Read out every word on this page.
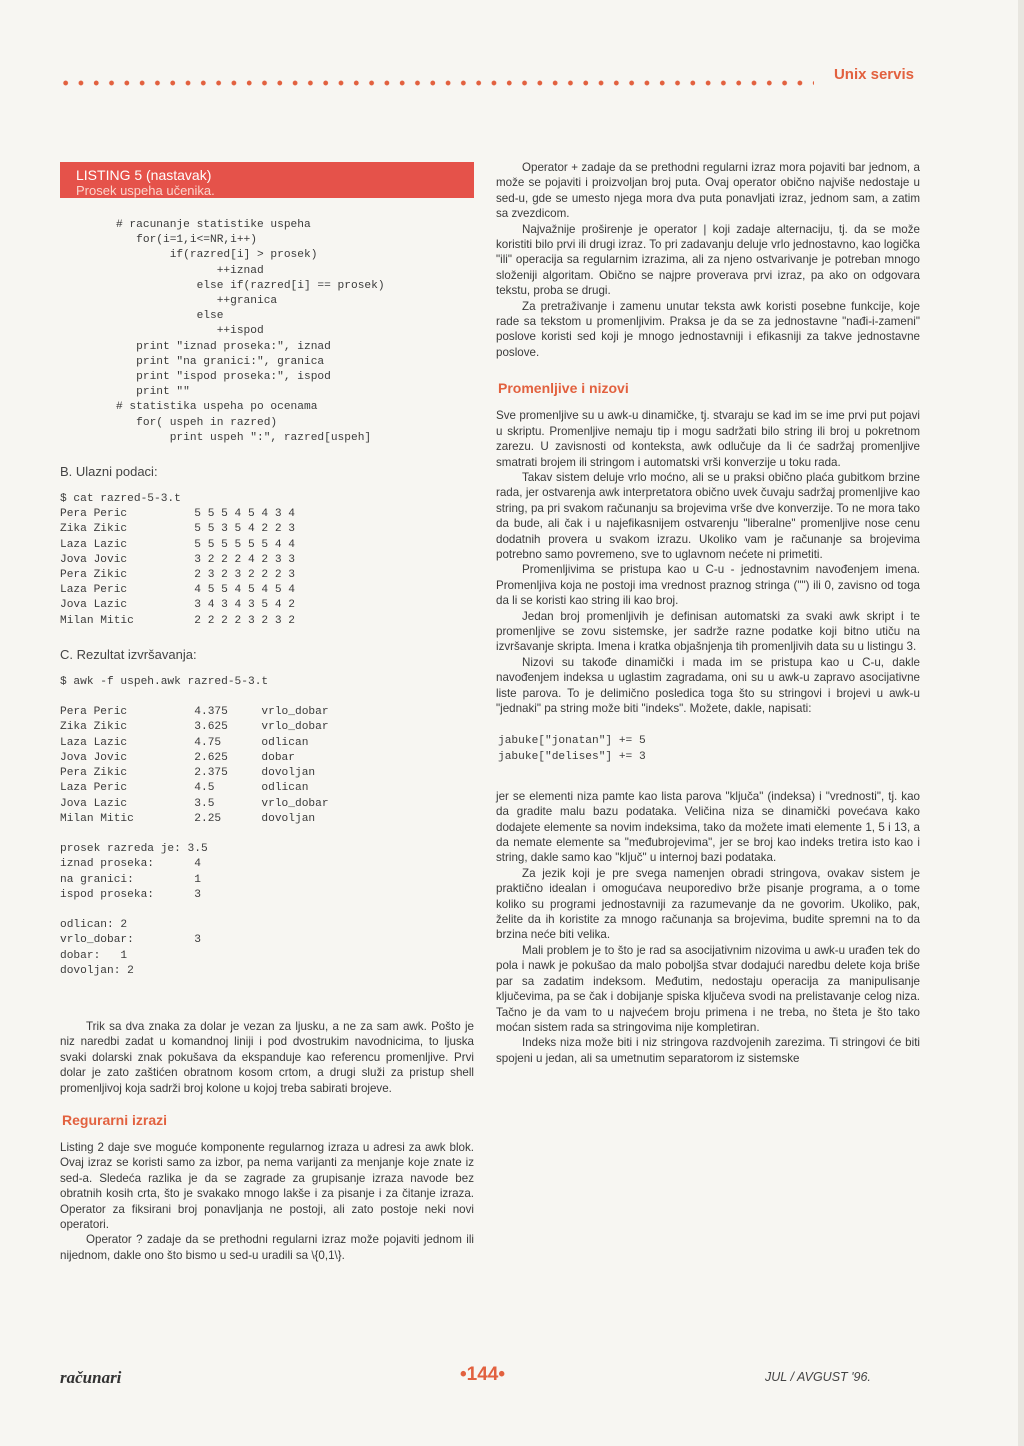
Unix servis
LISTING 5 (nastavak)
Prosek uspeha učenika.
# racunanje statistike uspeha
for(i=1,i<=NR,i++)
if(razred[i] > prosek)
++iznad
else if(razred[i] == prosek)
++granica
else
++ispod
print "iznad proseka:", iznad
print "na granici:", granica
print "ispod proseka:", ispod
print ""
# statistika uspeha po ocenama
for( uspeh in razred)
print uspeh ":", razred[uspeh]
B. Ulazni podaci:
$ cat razred-5-3.t
Pera Peric          5 5 5 4 5 4 3 4
Zika Zikic          5 5 3 5 4 2 2 3
Laza Lazic          5 5 5 5 5 5 4 4
Jova Jovic          3 2 2 2 4 2 3 3
Pera Zikic          2 3 2 3 2 2 2 3
Laza Peric          4 5 5 4 5 4 5 4
Jova Lazic          3 4 3 4 3 5 4 2
Milan Mitic         2 2 2 2 3 2 3 2
C. Rezultat izvršavanja:
$ awk -f uspeh.awk razred-5-3.t

Pera Peric          4.375     vrlo_dobar
Zika Zikic          3.625     vrlo_dobar
Laza Lazic          4.75      odlican
Jova Jovic          2.625     dobar
Pera Zikic          2.375     dovoljan
Laza Peric          4.5       odlican
Jova Lazic          3.5       vrlo_dobar
Milan Mitic         2.25      dovoljan

prosek razreda je: 3.5
iznad proseka:      4
na granici:         1
ispod proseka:      3

odlican: 2
vrlo_dobar:         3
dobar:   1
dovoljan: 2

Trik sa dva znaka za dolar je vezan za ljusku, a ne za sam awk. Pošto je niz naredbi zadat u komandnoj liniji i pod dvostrukim navodnicima, to ljuska svaki dolarski znak pokušava da ekspanduje kao referencu promenljive. Prvi dolar je zato zaštićen obratnom kosom crtom, a drugi služi za pristup shell promenljivoj koja sadrži broj kolone u kojoj treba sabirati brojeve.

Regurarni izrazi

Listing 2 daje sve moguće komponente regularnog izraza u adresi za awk blok. Ovaj izraz se koristi samo za izbor, pa nema varijanti za menjanje koje znate iz sed-a. Sledeća razlika je da se zagrade za grupisanje izraza navode bez obratnih kosih crta, što je svakako mnogo lakše i za pisanje i za čitanje izraza. Operator za fiksirani broj ponavljanja ne postoji, ali zato postoje neki novi operatori.

Operator ? zadaje da se prethodni regularni izraz može pojaviti jednom ili nijednom, dakle ono što bismo u sed-u uradili sa \{0,1\}.

Operator + zadaje da se prethodni regularni izraz mora pojaviti bar jednom, a može se pojaviti i proizvoljan broj puta. Ovaj operator obično najviše nedostaje u sed-u, gde se umesto njega mora dva puta ponavljati izraz, jednom sam, a zatim sa zvezdicom.

Najvažnije proširenje je operator | koji zadaje alternaciju, tj. da se može koristiti bilo prvi ili drugi izraz. To pri zadavanju deluje vrlo jednostavno, kao logička "ili" operacija sa regularnim izrazima, ali za njeno ostvarivanje je potreban mnogo složeniji algoritam. Obično se najpre proverava prvi izraz, pa ako on odgovara tekstu, proba se drugi.

Za pretraživanje i zamenu unutar teksta awk koristi posebne funkcije, koje rade sa tekstom u promenljivim. Praksa je da se za jednostavne "nađi-i-zameni" poslove koristi sed koji je mnogo jednostavniji i efikasniji za takve jednostavne poslove.

Promenljive i nizovi

Sve promenljive su u awk-u dinamičke, tj. stvaraju se kad im se ime prvi put pojavi u skriptu. Promenljive nemaju tip i mogu sadržati bilo string ili broj u pokretnom zarezu. U zavisnosti od konteksta, awk odlučuje da li će sadržaj promenljive smatrati brojem ili stringom i automatski vrši konverzije u toku rada.

Takav sistem deluje vrlo moćno, ali se u praksi obično plaća gubitkom brzine rada, jer ostvarenja awk interpretatora obično uvek čuvaju sadržaj promenljive kao string, pa pri svakom računanju sa brojevima vrše dve konverzije. To ne mora tako da bude, ali čak i u najefikasnijem ostvarenju "liberalne" promenljive nose cenu dodatnih provera u svakom izrazu. Ukoliko vam je računanje sa brojevima potrebno samo povremeno, sve to uglavnom nećete ni primetiti.

Promenljivima se pristupa kao u C-u - jednostavnim navođenjem imena. Promenljiva koja ne postoji ima vrednost praznog stringa ("") ili 0, zavisno od toga da li se koristi kao string ili kao broj.

Jedan broj promenljivih je definisan automatski za svaki awk skript i te promenljive se zovu sistemske, jer sadrže razne podatke koji bitno utiču na izvršavanje skripta. Imena i kratka objašnjenja tih promenljivih data su u listingu 3.

Nizovi su takođe dinamički i mada im se pristupa kao u C-u, dakle navođenjem indeksa u uglastim zagradama, oni su u awk-u zapravo asocijativne liste parova. To je delimično posledica toga što su stringovi i brojevi u awk-u "jednaki" pa string može biti "indeks". Možete, dakle, napisati:

jabuke["jonatan"] += 5
jabuke["delises"] += 3

jer se elementi niza pamte kao lista parova "ključa" (indeksa) i "vrednosti", tj. kao da gradite malu bazu podataka. Veličina niza se dinamički povećava kako dodajete elemente sa novim indeksima, tako da možete imati elemente 1, 5 i 13, a da nemate elemente sa "međubrojevima", jer se broj kao indeks tretira isto kao i string, dakle samo kao "ključ" u internoj bazi podataka.

Za jezik koji je pre svega namenjen obradi stringova, ovakav sistem je praktično idealan i omogućava neuporedivo brže pisanje programa, a o tome koliko su programi jednostavniji za razumevanje da ne govorim. Ukoliko, pak, želite da ih koristite za mnogo računanja sa brojevima, budite spremni na to da brzina neće biti velika.

Mali problem je to što je rad sa asocijativnim nizovima u awk-u urađen tek do pola i nawk je pokušao da malo poboljša stvar dodajući naredbu delete koja briše par sa zadatim indeksom. Međutim, nedostaju operacija za manipulisanje ključevima, pa se čak i dobijanje spiska ključeva svodi na prelistavanje celog niza. Tačno je da vam to u najvećem broju primena i ne treba, no šteta je što tako moćan sistem rada sa stringovima nije kompletiran.

Indeks niza može biti i niz stringova razdvojenih zarezima. Ti stringovi će biti spojeni u jedan, ali sa umetnutim separatorom iz sistemske

računari	•144•	JUL / AVGUST '96.
